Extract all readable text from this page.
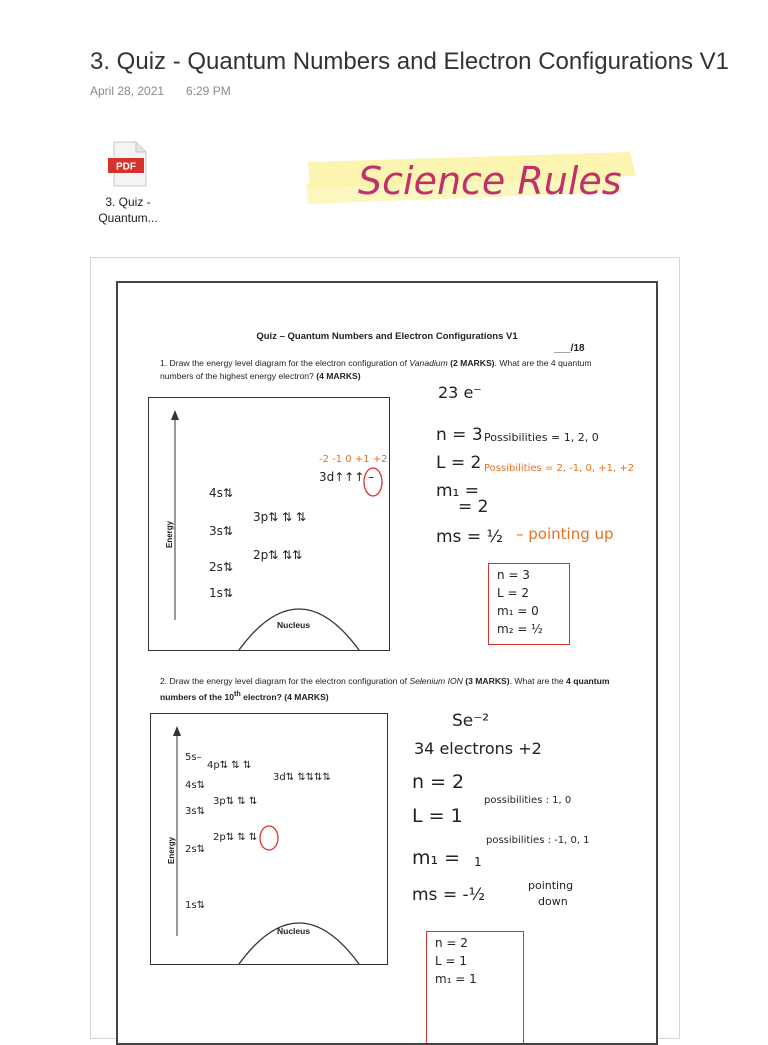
3. Quiz - Quantum Numbers and Electron Configurations V1
April 28, 2021 6:29 PM
PDF
3. Quiz -
Quantum...
Science Rules
Quiz – Quantum Numbers and Electron Configurations V1
___/18
1. Draw the energy level diagram for the electron configuration of Vanadium (2 MARKS). What are the 4 quantum numbers of the highest energy electron? (4 MARKS)
Energy
Nucleus
4s⇅
3p⇅ ⇅ ⇅
3s⇅
3d↑↑↑ –
-2 -1 0 +1 +2
2p⇅ ⇅⇅
2s⇅
1s⇅
23 e⁻
n = 3 Possibilities = 1, 2, 0
L = 2
m₁ =
Possibilities = 2, -1, 0, +1, +2
= 2
ms = ½ – pointing up
n = 3
L = 2
m₁ = 0
m₂ = ½
2. Draw the energy level diagram for the electron configuration of Selenium ION (3 MARKS). What are the 4 quantum numbers of the 10th electron? (4 MARKS)
Energy
Nucleus
5s–
4p⇅ ⇅ ⇅
3d⇅ ⇅⇅⇅⇅
4s⇅
3p⇅ ⇅ ⇅
3s⇅
2p⇅ ⇅ ⇅
2s⇅
1s⇅
Se⁻²
34 electrons +2
n = 2
L = 1
possibilities : 1, 0
m₁ = 1
possibilities : -1, 0, 1
ms = -½	pointing
down
n = 2
L = 1
m₁ = 1
